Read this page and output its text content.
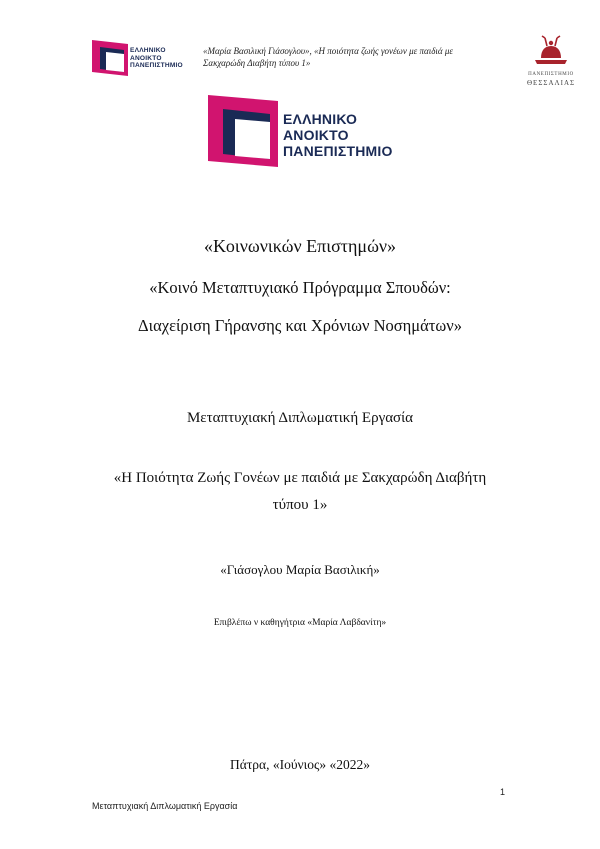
ΕΛΛΗΝΙΚΟ
ΑΝΟΙΚΤΟ
ΠΑΝΕΠΙΣΤΗΜΙΟ
«Μαρία Βασιλική Γιάσογλου», «Η ποιότητα ζωής γονέων με παιδιά με
Σακχαρώδη Διαβήτη τύπου 1»
ΠΑΝΕΠΙΣΤΗΜΙΟ
ΘΕΣΣΑΛΙΑΣ
ΕΛΛΗΝΙΚΟ
ΑΝΟΙΚΤΟ
ΠΑΝΕΠΙΣΤΗΜΙΟ
«Κοινωνικών Επιστημών»
«Κοινό Μεταπτυχιακό Πρόγραμμα Σπουδών:
Διαχείριση Γήρανσης και Χρόνιων Νοσημάτων»
Μεταπτυχιακή Διπλωματική Εργασία
«Η Ποιότητα Ζωής Γονέων με παιδιά με Σακχαρώδη Διαβήτη
τύπου 1»
«Γιάσογλου Μαρία Βασιλική»
Επιβλέπω ν καθηγήτρια «Μαρία Λαβδανίτη»
Πάτρα, «Ιούνιος» «2022»
1
Μεταπτυχιακή Διπλωματική Εργασία
